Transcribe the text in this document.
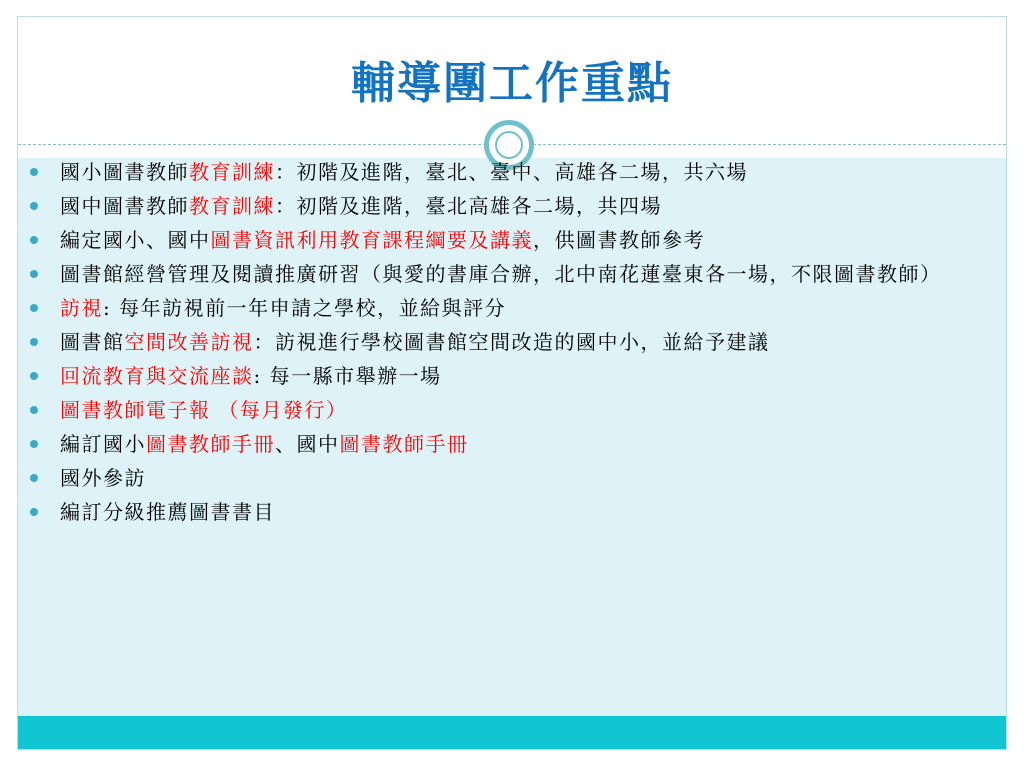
輔導團工作重點
國小圖書教師教育訓練：初階及進階，臺北、臺中、高雄各二場，共六場
國中圖書教師教育訓練：初階及進階，臺北高雄各二場，共四場
編定國小、國中圖書資訊利用教育課程綱要及講義，供圖書教師參考
圖書館經營管理及閱讀推廣研習（與愛的書庫合辦，北中南花蓮臺東各一場，不限圖書教師）
訪視: 每年訪視前一年申請之學校，並給與評分
圖書館空間改善訪視：訪視進行學校圖書館空間改造的國中小，並給予建議
回流教育與交流座談: 每一縣市舉辦一場
圖書教師電子報 （每月發行）
編訂國小圖書教師手冊、國中圖書教師手冊
國外參訪
編訂分級推薦圖書書目
